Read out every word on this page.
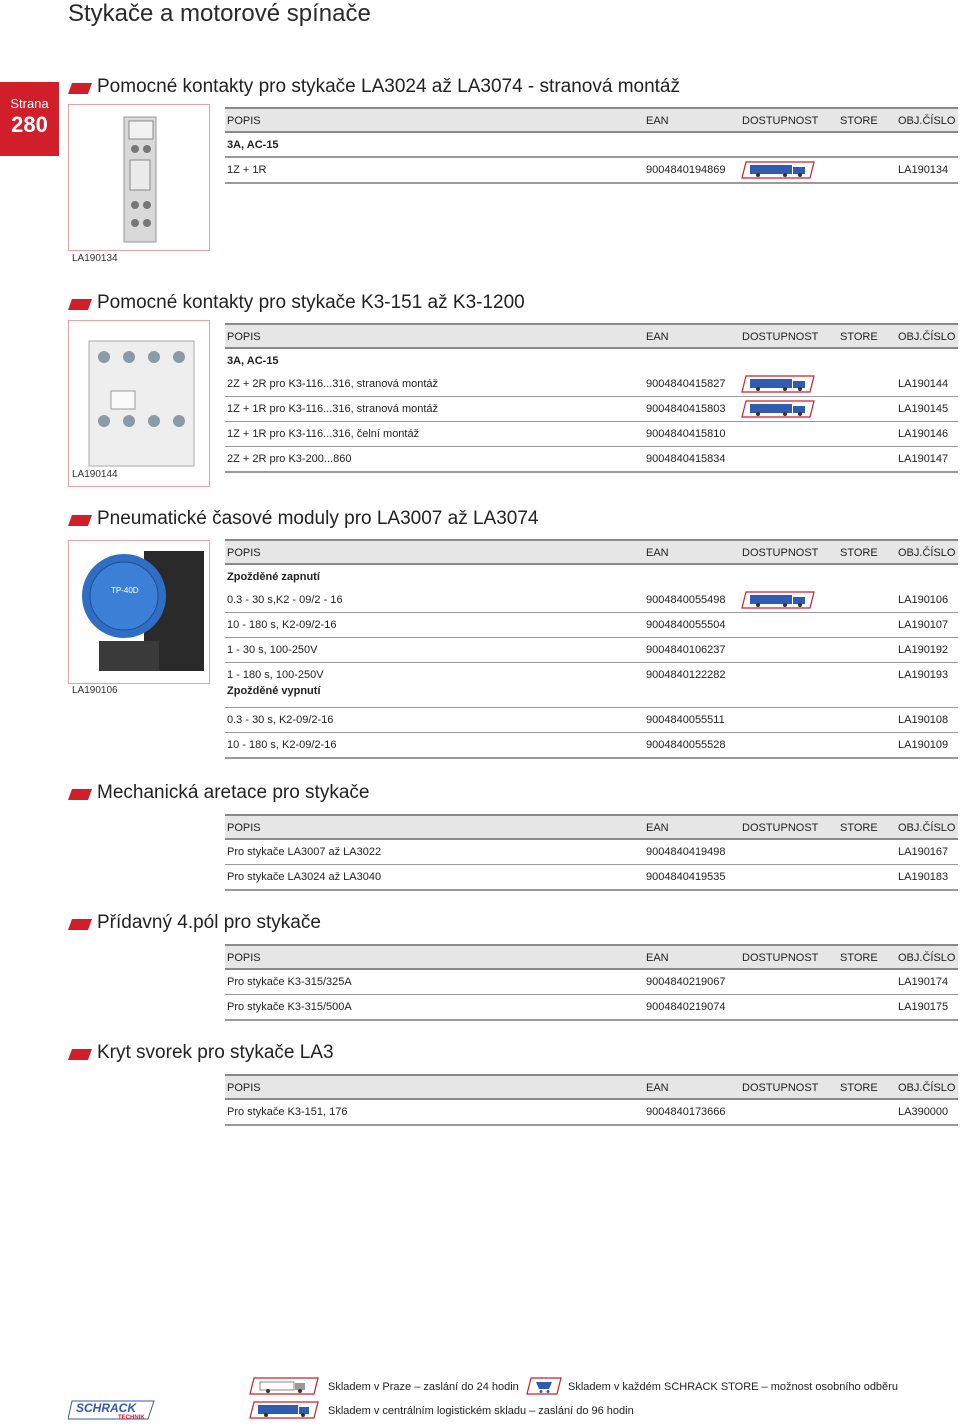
Stykače a motorové spínače
Strana
280
Pomocné kontakty pro stykače LA3024 až LA3074 - stranová montáž
LA190134
POPIS	EAN	DOSTUPNOST STORE OBJ.ČÍSLO
3A, AC-15
1Z + 1R	9004840194869	LA190134
Pomocné kontakty pro stykače K3-151 až K3-1200
LA190144
POPIS	EAN	DOSTUPNOST STORE OBJ.ČÍSLO
3A, AC-15
2Z + 2R pro K3-116...316, stranová montáž	9004840415827	LA190144
1Z + 1R pro K3-116...316, stranová montáž	9004840415803	LA190145
1Z + 1R pro K3-116...316, čelní montáž	9004840415810	LA190146
2Z + 2R pro K3-200...860	9004840415834	LA190147
Pneumatické časové moduly pro LA3007 až LA3074
TP-40D
LA190106
POPIS	EAN	DOSTUPNOST STORE OBJ.ČÍSLO
Zpožděné zapnutí
0.3 - 30 s,K2 - 09/2 - 16	9004840055498	LA190106
10 - 180 s, K2-09/2-16	9004840055504	LA190107
1 - 30 s, 100-250V	9004840106237	LA190192
1 - 180 s, 100-250V	9004840122282	LA190193
Zpožděné vypnutí
0.3 - 30 s, K2-09/2-16	9004840055511	LA190108
10 - 180 s, K2-09/2-16	9004840055528	LA190109
Mechanická aretace pro stykače
POPIS	EAN	DOSTUPNOST STORE OBJ.ČÍSLO
Pro stykače LA3007 až LA3022	9004840419498	LA190167
Pro stykače LA3024 až LA3040	9004840419535	LA190183
Přídavný 4.pól pro stykače
POPIS	EAN	DOSTUPNOST STORE OBJ.ČÍSLO
Pro stykače K3-315/325A	9004840219067	LA190174
Pro stykače K3-315/500A	9004840219074	LA190175
Kryt svorek pro stykače LA3
POPIS	EAN	DOSTUPNOST STORE OBJ.ČÍSLO
Pro stykače K3-151, 176	9004840173666	LA390000
Skladem v Praze – zaslání do 24 hodin	Skladem v každém SCHRACK STORE – možnost osobního odběru
SCHRACK
TECHNIK
Skladem v centrálním logistickém skladu – zaslání do 96 hodin
